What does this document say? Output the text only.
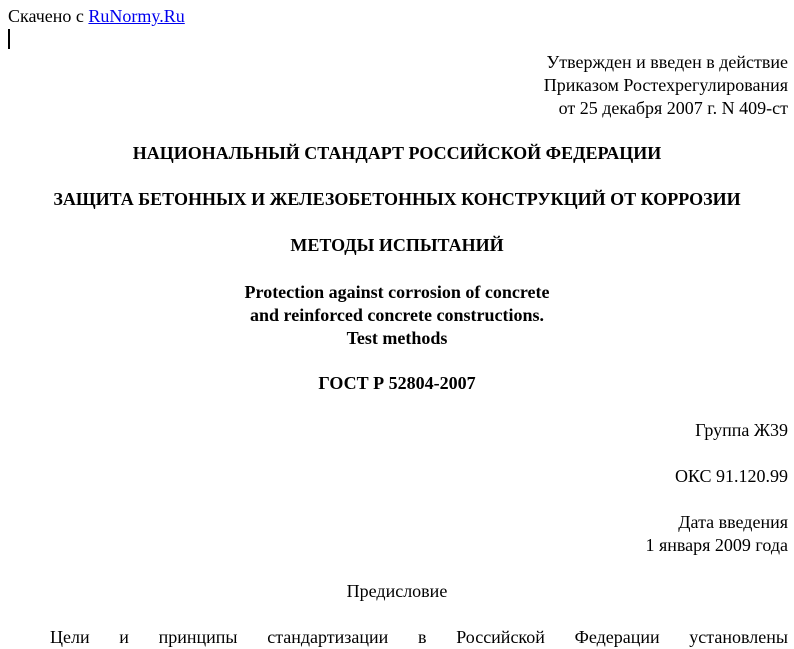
Скачено с RuNormy.Ru
Утвержден и введен в действие
Приказом Ростехрегулирования
от 25 декабря 2007 г. N 409-ст
НАЦИОНАЛЬНЫЙ СТАНДАРТ РОССИЙСКОЙ ФЕДЕРАЦИИ
ЗАЩИТА БЕТОННЫХ И ЖЕЛЕЗОБЕТОННЫХ КОНСТРУКЦИЙ ОТ КОРРОЗИИ
МЕТОДЫ ИСПЫТАНИЙ
Protection against corrosion of concrete
and reinforced concrete constructions.
Test methods
ГОСТ Р 52804-2007
Группа Ж39
ОКС 91.120.99
Дата введения
1 января 2009 года
Предисловие
Цели и принципы стандартизации в Российской Федерации установлены
